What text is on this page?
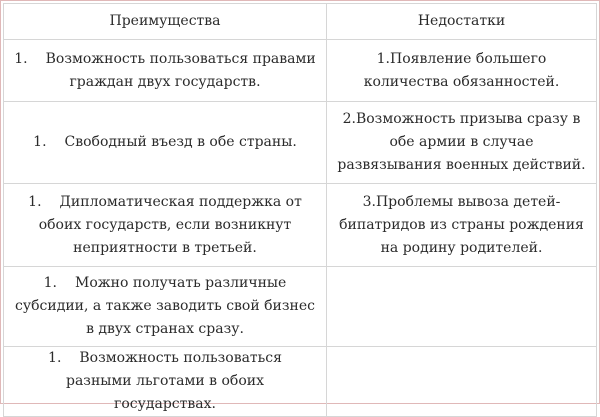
Преимущества	Недостатки
1. Возможность пользоваться правами граждан двух государств.	1.Появление большего количества обязанностей.
1. Свободный въезд в обе страны.	2.Возможность призыва сразу в обе армии в случае развязывания военных действий.
1. Дипломатическая поддержка от обоих государств, если возникнут неприятности в третьей.	3.Проблемы вывоза детей-бипатридов из страны рождения на родину родителей.
1. Можно получать различные субсидии, а также заводить свой бизнес в двух странах сразу.	
1. Возможность пользоваться разными льготами в обоих государствах.	
